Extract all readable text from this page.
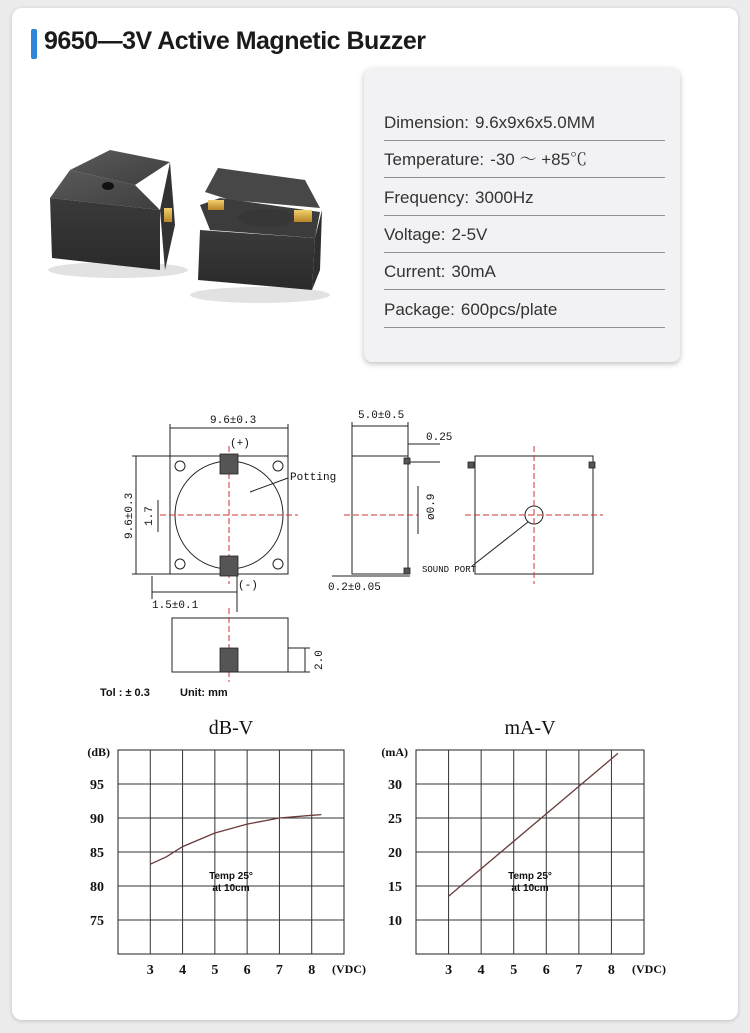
9650—3V Active Magnetic Buzzer
Dimension: 9.6x9x6x5.0MM
Temperature: -30 ～ +85℃
Frequency: 3000Hz
Voltage: 2-5V
Current: 30mA
Package: 600pcs/plate
9.6±0.3
(+)
Potting
(-)
1.5±0.1
5.0±0.5
0.25
0.2±0.05
SOUND PORT
Tol : ± 0.3	Unit: mm
9.6±0.3 1.7	ø0.9
2.0
dB-V
3 4 5 6 7 8
95
90
85
80
75
(dB)
(VDC)
Temp 25°
at 10cm
mA-V
3 4 5 6 7 8
30
25
20
15
10
(mA)
(VDC)
Temp 25°
at 10cm
